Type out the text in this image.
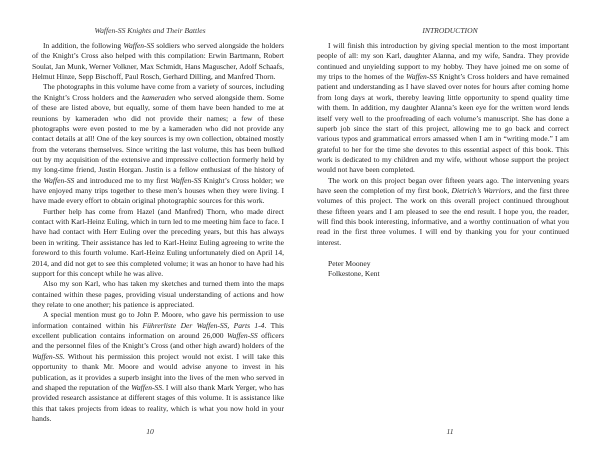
Waffen-SS Knights and Their Battles

In addition, the following Waffen-SS soldiers who served alongside the holders of the Knight’s Cross also helped with this compilation: Erwin Bartmann, Robert Soulat, Jan Munk, Werner Volkner, Max Schmidt, Hans Maguscher, Adolf Schaafs, Helmut Hinze, Sepp Bischoff, Paul Rosch, Gerhard Dilling, and Manfred Thorn.

The photographs in this volume have come from a variety of sources, including the Knight’s Cross holders and the kameraden who served alongside them. Some of these are listed above, but equally, some of them have been handed to me at reunions by kameraden who did not provide their names; a few of these photographs were even posted to me by a kameraden who did not provide any contact details at all! One of the key sources is my own collection, obtained mostly from the veterans themselves. Since writing the last volume, this has been bulked out by my acquisition of the extensive and impressive collection formerly held by my long-time friend, Justin Horgan. Justin is a fellow enthusiast of the history of the Waffen-SS and introduced me to my first Waffen-SS Knight’s Cross holder; we have enjoyed many trips together to these men’s houses when they were living. I have made every effort to obtain original photographic sources for this work.

Further help has come from Hazel (and Manfred) Thorn, who made direct contact with Karl-Heinz Euling, which in turn led to me meeting him face to face. I have had contact with Herr Euling over the preceding years, but this has always been in writing. Their assistance has led to Karl-Heinz Euling agreeing to write the foreword to this fourth volume. Karl-Heinz Euling unfortunately died on April 14, 2014, and did not get to see this completed volume; it was an honor to have had his support for this concept while he was alive.

Also my son Karl, who has taken my sketches and turned them into the maps contained within these pages, providing visual understanding of actions and how they relate to one another; his patience is appreciated.

A special mention must go to John P. Moore, who gave his permission to use information contained within his Führerliste Der Waffen-SS, Parts 1-4. This excellent publication contains information on around 26,000 Waffen-SS officers and the personnel files of the Knight’s Cross (and other high award) holders of the Waffen-SS. Without his permission this project would not exist. I will take this opportunity to thank Mr. Moore and would advise anyone to invest in his publication, as it provides a superb insight into the lives of the men who served in and shaped the reputation of the Waffen-SS. I will also thank Mark Yerger, who has provided research assistance at different stages of this volume. It is assistance like this that takes projects from ideas to reality, which is what you now hold in your hands.

10
INTRODUCTION

I will finish this introduction by giving special mention to the most important people of all: my son Karl, daughter Alanna, and my wife, Sandra. They provide continued and unyielding support to my hobby. They have joined me on some of my trips to the homes of the Waffen-SS Knight’s Cross holders and have remained patient and understanding as I have slaved over notes for hours after coming home from long days at work, thereby leaving little opportunity to spend quality time with them. In addition, my daughter Alanna’s keen eye for the written word lends itself very well to the proofreading of each volume’s manuscript. She has done a superb job since the start of this project, allowing me to go back and correct various typos and grammatical errors amassed when I am in “writing mode.” I am grateful to her for the time she devotes to this essential aspect of this book. This work is dedicated to my children and my wife, without whose support the project would not have been completed.

The work on this project began over fifteen years ago. The intervening years have seen the completion of my first book, Dietrich’s Warriors, and the first three volumes of this project. The work on this overall project continued throughout these fifteen years and I am pleased to see the end result. I hope you, the reader, will find this book interesting, informative, and a worthy continuation of what you read in the first three volumes. I will end by thanking you for your continued interest.

Peter Mooney
Folkestone, Kent
11
